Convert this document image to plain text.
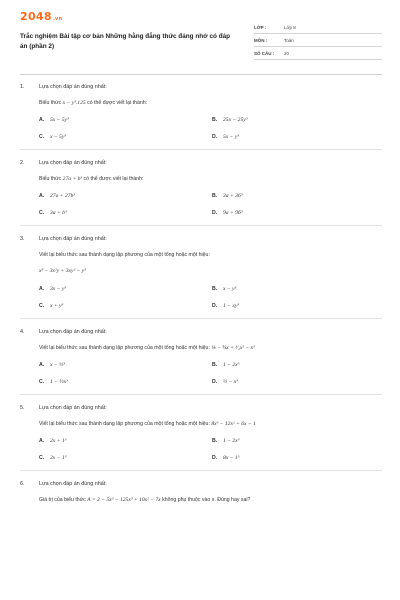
2048.vn
Trắc nghiệm Bài tập cơ bản Những hằng đẳng thức đáng nhớ có đáp án (phần 2)
LỚP :	Lớp 8
MÔN :	Toán
SỐ CÂU :	20
1.	Lựa chọn đáp án đúng nhất:
Biểu thức x − y³.125 có thể được viết lại thành:
A.	5x − 5y³	B.	25x − 25y³
C.	x − 5y³	D.	5x − y³
2.	Lựa chọn đáp án đúng nhất:
Biểu thức 27a + b³ có thể được viết lại thành:
A.	27a + 27b³	B.	3a + 36³
C.	3a + b³	D.	9a + 96³
3.	Lựa chọn đáp án đúng nhất:
Viết lại biểu thức sau thành dạng lập phương của một tổng hoặc một hiệu:
x³ − 3x²y + 3xy² − y³
A.	3x − y³	B.	x − y³
C.	x + y³	D.	1 − xy³
4.	Lựa chọn đáp án đúng nhất:
Viết lại biểu thức sau thành dạng lập phương của một tổng hoặc một hiệu: ⅛ − ¾x + ³⁄₂x² − x³
A.	x − ½³	B.	1 − 2x³
C.	1 − ½x³	D.	½ − x³
5.	Lựa chọn đáp án đúng nhất:
Viết lại biểu thức sau thành dạng lập phương của một tổng hoặc một hiệu: 8x³ − 12x² + 6x − 1
A.	2x + 1³	B.	1 − 2x³
C.	2x − 1³	D.	8x − 1³
6.	Lựa chọn đáp án đúng nhất:
Giá trị của biểu thức A = 2 − 5x³ − 125x³ + 10x² − 7x không phụ thuộc vào x. Đúng hay sai?
